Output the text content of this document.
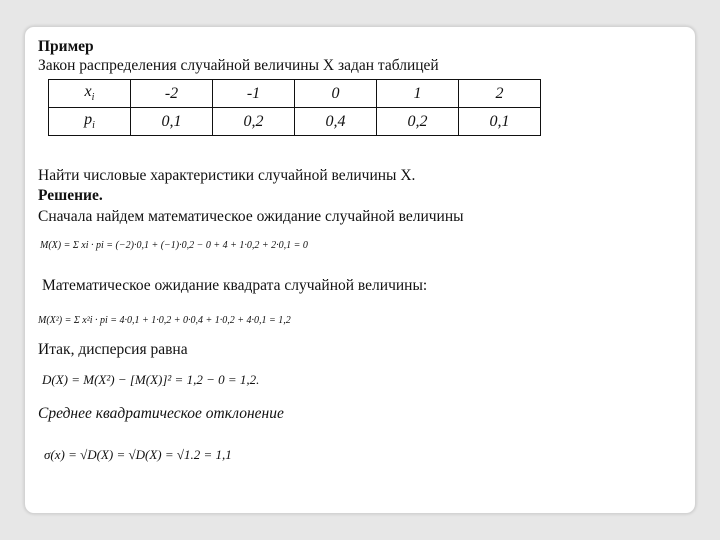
Пример
Закон распределения случайной величины X задан таблицей
$x_i$	-2	-1	0	1	2
$p_i$	0,1	0,2	0,4	0,2	0,1
Найти числовые характеристики случайной величины X.
Решение.
Сначала найдем математическое ожидание случайной величины
M(X) = Σ xi · pi = (−2)·0,1 + (−1)·0,2 − 0 + 4 + 1·0,2 + 2·0,1 = 0
Математическое ожидание квадрата случайной величины:
M(X²) = Σ x²i · pi = 4·0,1 + 1·0,2 + 0·0,4 + 1·0,2 + 4·0,1 = 1,2
Итак, дисперсия равна
D(X) = M(X²) − [M(X)]² = 1,2 − 0 = 1,2.
Среднее квадратическое отклонение
σ(x) = √D(X) = √D(X) = √1.2 = 1,1
